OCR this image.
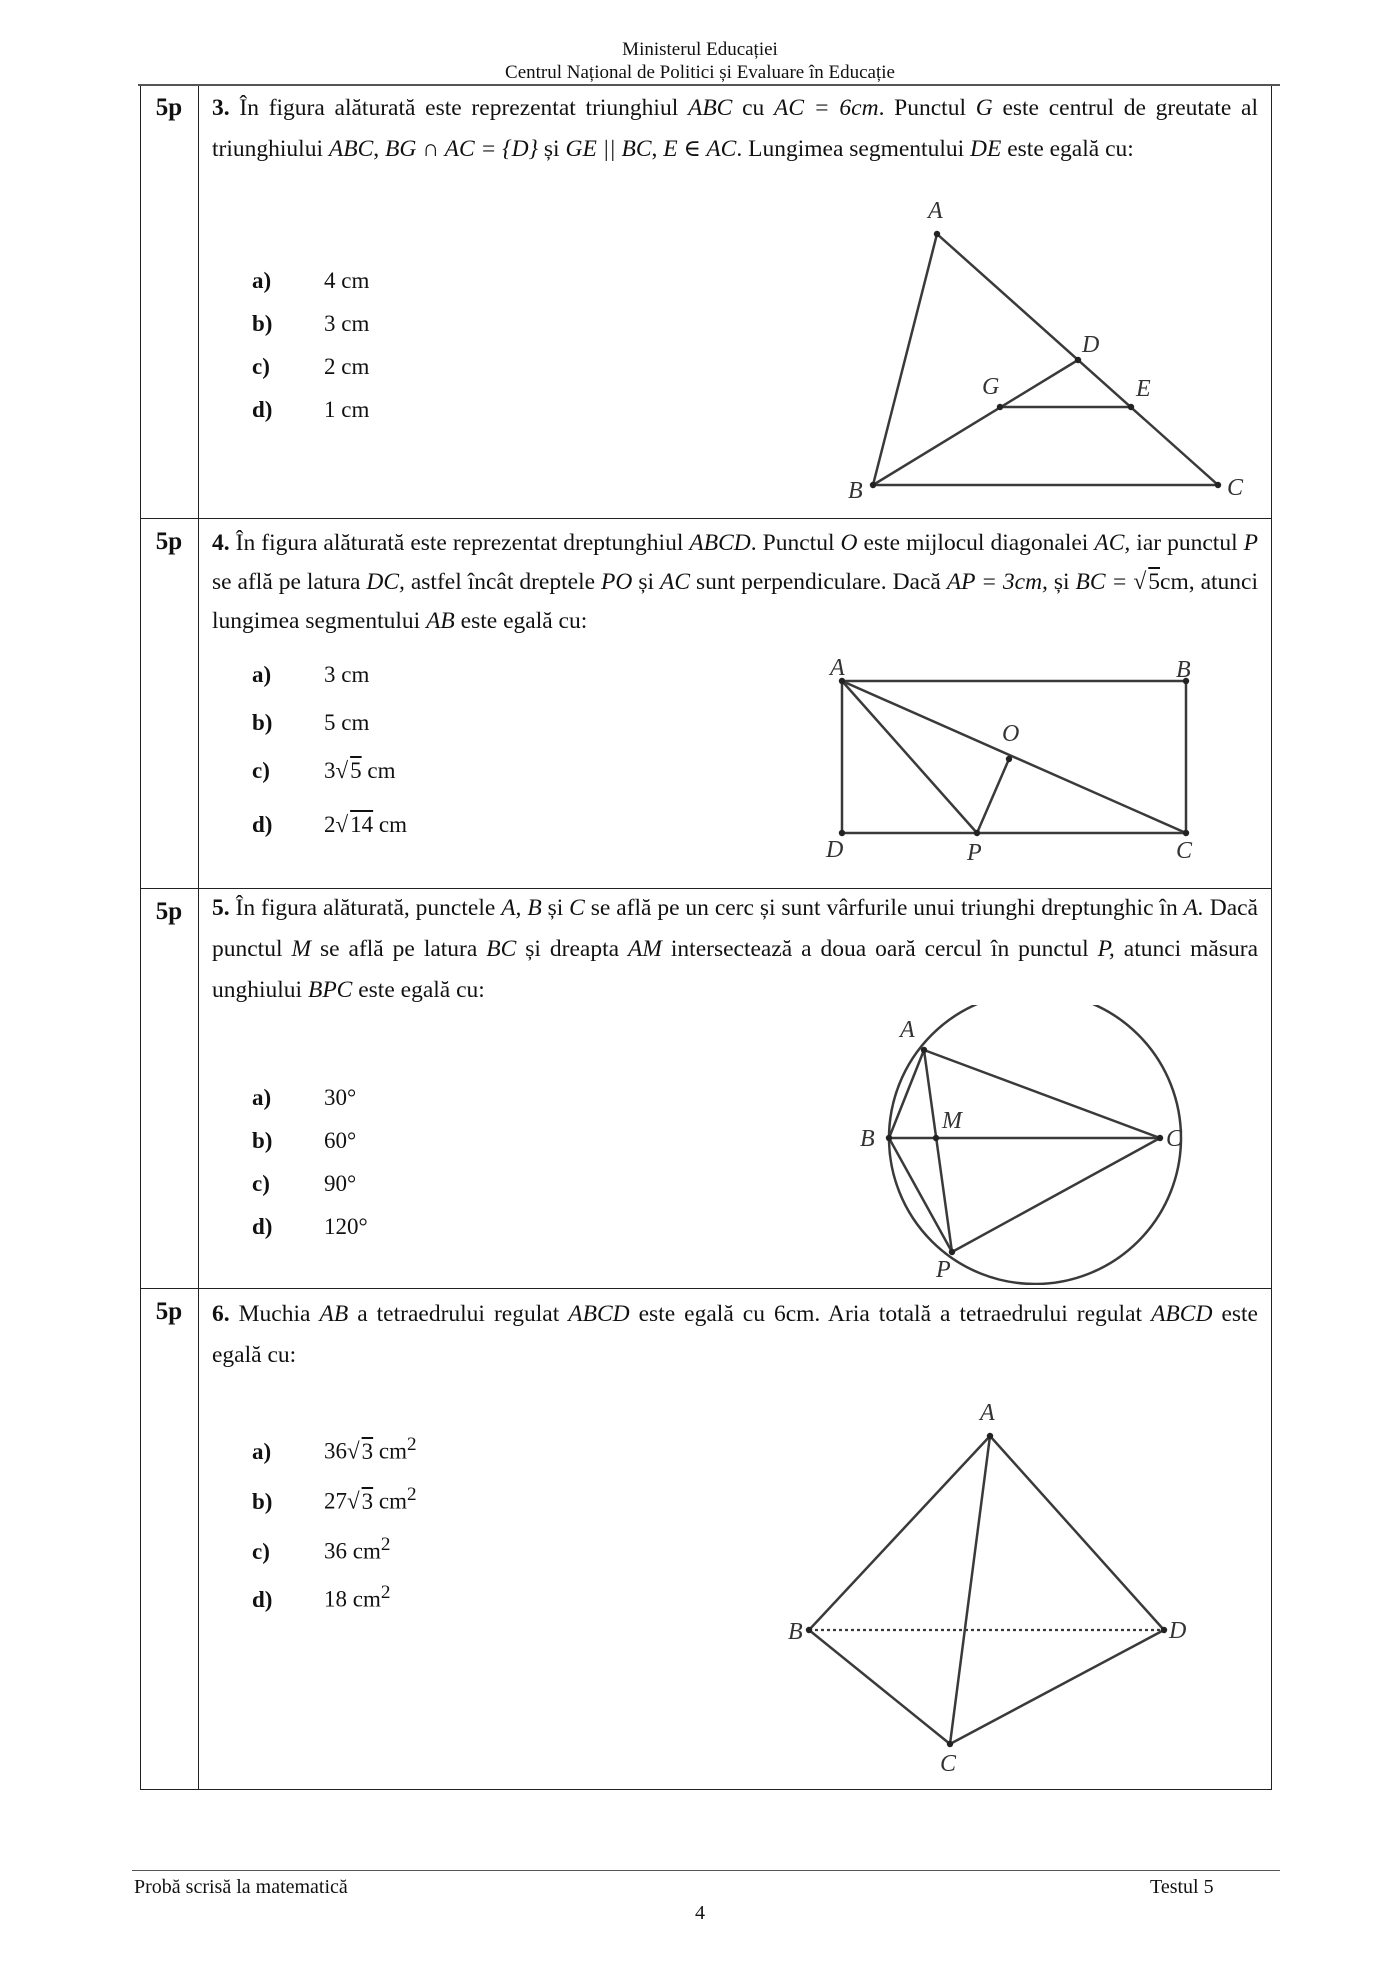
Ministerul Educației
Centrul Național de Politici și Evaluare în Educație
5p	3. În figura alăturată este reprezentat triunghiul ABC cu AC = 6cm. Punctul G este centrul de greutate al triunghiului ABC, BG ∩ AC = {D} și GE || BC, E ∈ AC. Lungimea segmentului DE este egală cu:
a) 4 cm
b) 3 cm
c) 2 cm
d) 1 cm
A
B	C
D
G	E
5p	4. În figura alăturată este reprezentat dreptunghiul ABCD. Punctul O este mijlocul diagonalei AC, iar punctul P se află pe latura DC, astfel încât dreptele PO și AC sunt perpendiculare. Dacă AP = 3cm, și BC = √5cm, atunci lungimea segmentului AB este egală cu:
a) 3 cm
b) 5 cm
c) 3√5 cm
d) 2√14 cm
A	B
C
D
O
P
5p	5. În figura alăturată, punctele A, B și C se află pe un cerc și sunt vârfurile unui triunghi dreptunghic în A. Dacă punctul M se află pe latura BC și dreapta AM intersectează a doua oară cercul în punctul P, atunci măsura unghiului BPC este egală cu:
a) 30°
b) 60°
c) 90°
d) 120°
A
B	C
M
P
5p	6. Muchia AB a tetraedrului regulat ABCD este egală cu 6cm. Aria totală a tetraedrului regulat ABCD este egală cu:
a) 36√3 $cm^2$
b) 27√3 $cm^2$
c) 36 $cm^2$
d) 18 $cm^2$
A
B
C
D
Probă scrisă la matematică	Testul 5
4
